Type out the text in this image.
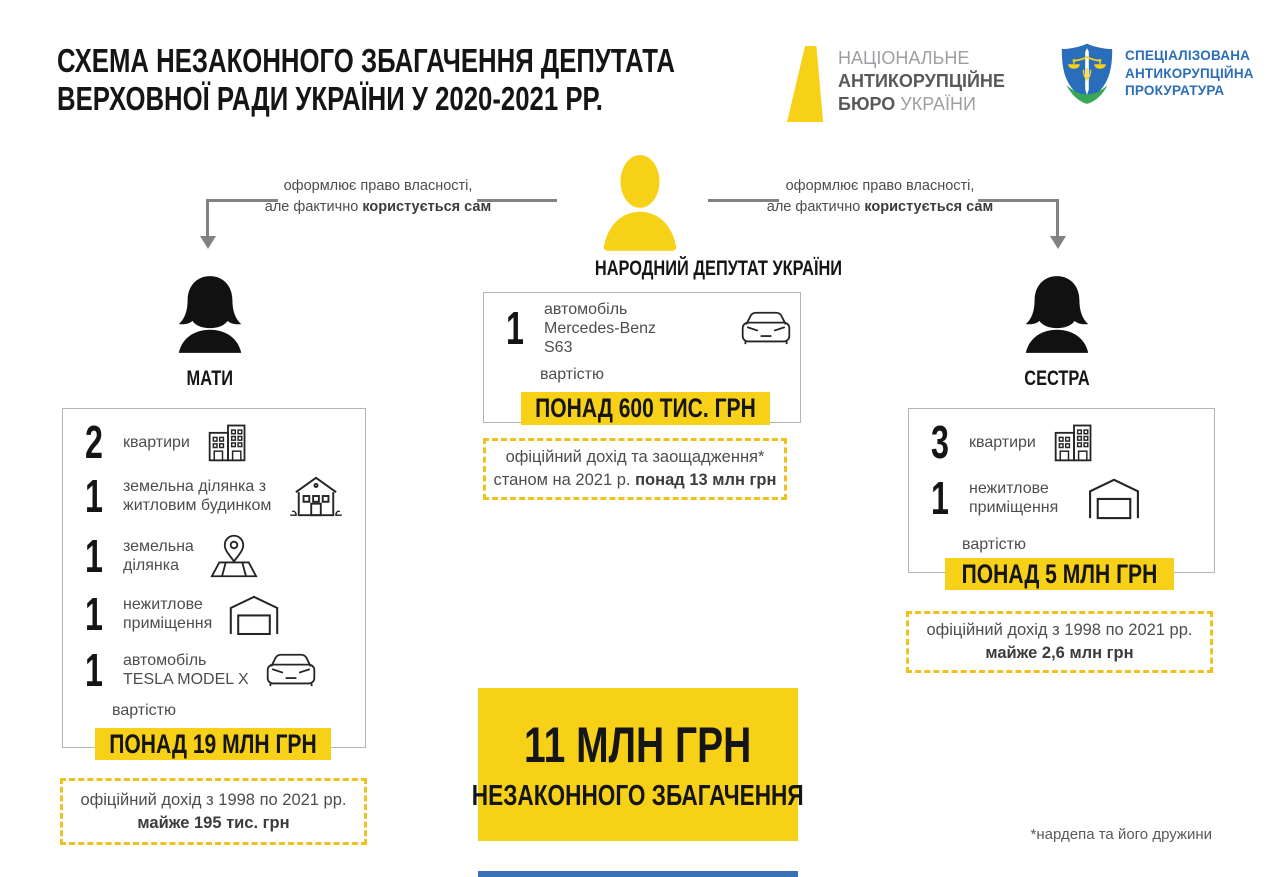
СХЕМА НЕЗАКОННОГО ЗБАГАЧЕННЯ ДЕПУТАТА
ВЕРХОВНОЇ РАДИ УКРАЇНИ У 2020-2021 РР.
НАЦІОНАЛЬНЕ
АНТИКОРУПЦІЙНЕ
БЮРО УКРАЇНИ
СПЕЦІАЛІЗОВАНА
АНТИКОРУПЦІЙНА
ПРОКУРАТУРА
НАРОДНИЙ ДЕПУТАТ УКРАЇНИ
оформлює право власності,
але фактично користується сам
оформлює право власності,
але фактично користується сам
МАТИ
2 квартири
1 земельна ділянка з
житловим будинком
1 земельна
ділянка
1 нежитлове
приміщення
1 автомобіль
TESLA MODEL X
вартістю
ПОНАД 19 МЛН ГРН
офіційний дохід з 1998 по 2021 рр.
майже 195 тис. грн
1 автомобіль
Mercedes-Benz S63
вартістю
ПОНАД 600 ТИС. ГРН
офіційний дохід та заощадження*
станом на 2021 р. понад 13 млн грн
СЕСТРА
3 квартири
1 нежитлове
приміщення
вартістю
ПОНАД 5 МЛН ГРН
офіційний дохід з 1998 по 2021 рр.
майже 2,6 млн грн
11 МЛН ГРН
НЕЗАКОННОГО ЗБАГАЧЕННЯ
*нардепа та його дружини
